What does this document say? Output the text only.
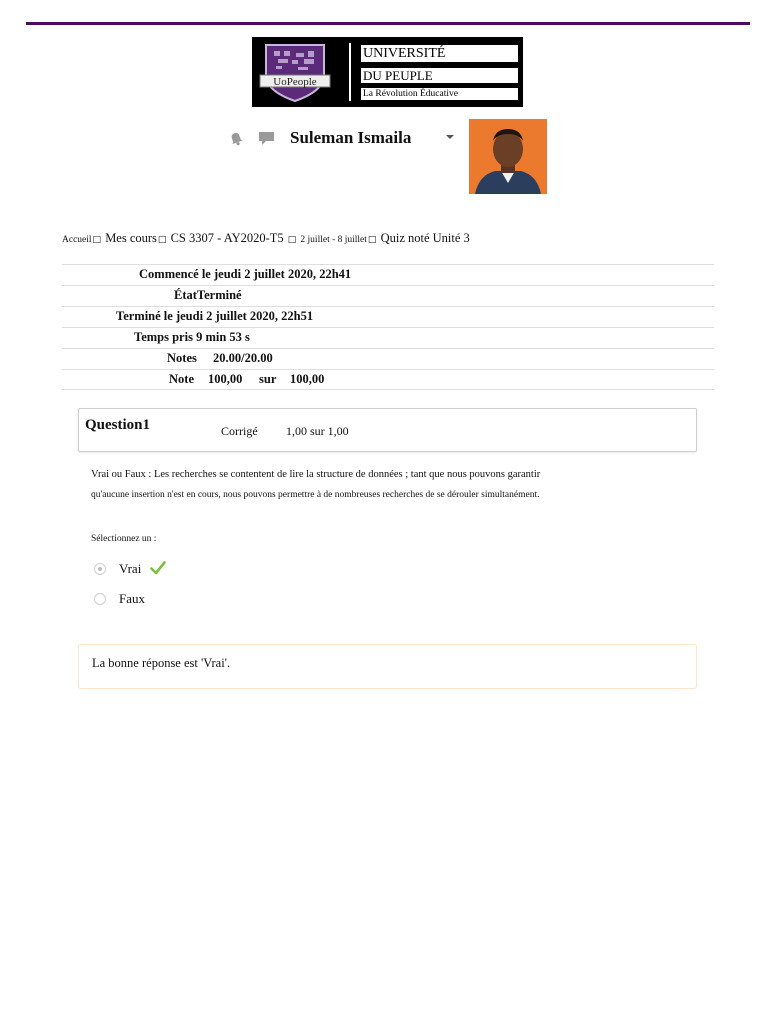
UoPeople
UNIVERSITÉ
DU PEUPLE
La Révolution Éducative
Suleman Ismaila
Accueil□ Mes cours□ CS 3307 - AY2020-T5 □ 2 juillet - 8 juillet□ Quiz noté Unité 3
Commencé le jeudi 2 juillet 2020, 22h41
ÉtatTerminé
Terminé le jeudi 2 juillet 2020, 22h51
Temps pris 9 min 53 s
Notes 20.00/20.00
Note 100,00 sur 100,00
Question1	Corrigé 1,00 sur 1,00
Vrai ou Faux : Les recherches se contentent de lire la structure de données ; tant que nous pouvons garantir
qu'aucune insertion n'est en cours, nous pouvons permettre à de nombreuses recherches de se dérouler simultanément.
Sélectionnez un :
Vrai
Faux
La bonne réponse est 'Vrai'.
